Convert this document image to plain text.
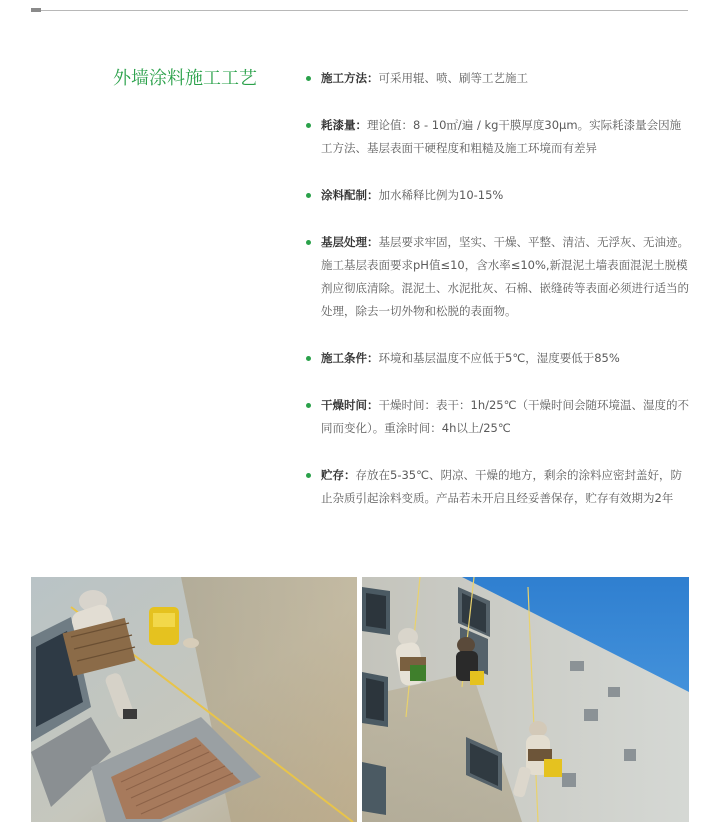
外墙涂料施工工艺	施工方法：可采用辊、喷、刷等工艺施工
耗漆量：理论值：8 - 10㎡/遍 / kg干膜厚度30μm。实际耗漆量会因施工方法、基层表面干硬程度和粗糙及施工环境而有差异
涂料配制：加水稀释比例为10-15%
基层处理：基层要求牢固，坚实、干燥、平整、清洁、无浮灰、无油迹。施工基层表面要求pH值≤10，含水率≤10%,新混泥土墙表面混泥土脱模剂应彻底清除。混泥土、水泥批灰、石棉、嵌缝砖等表面必须进行适当的处理，除去一切外物和松脱的表面物。
施工条件：环境和基层温度不应低于5℃，湿度要低于85%
干燥时间：干燥时间：表干：1h/25℃（干燥时间会随环境温、湿度的不同而变化）。重涂时间：4h以上/25℃
贮存：存放在5-35℃、阴凉、干燥的地方，剩余的涂料应密封盖好，防止杂质引起涂料变质。产品若未开启且经妥善保存，贮存有效期为2年
